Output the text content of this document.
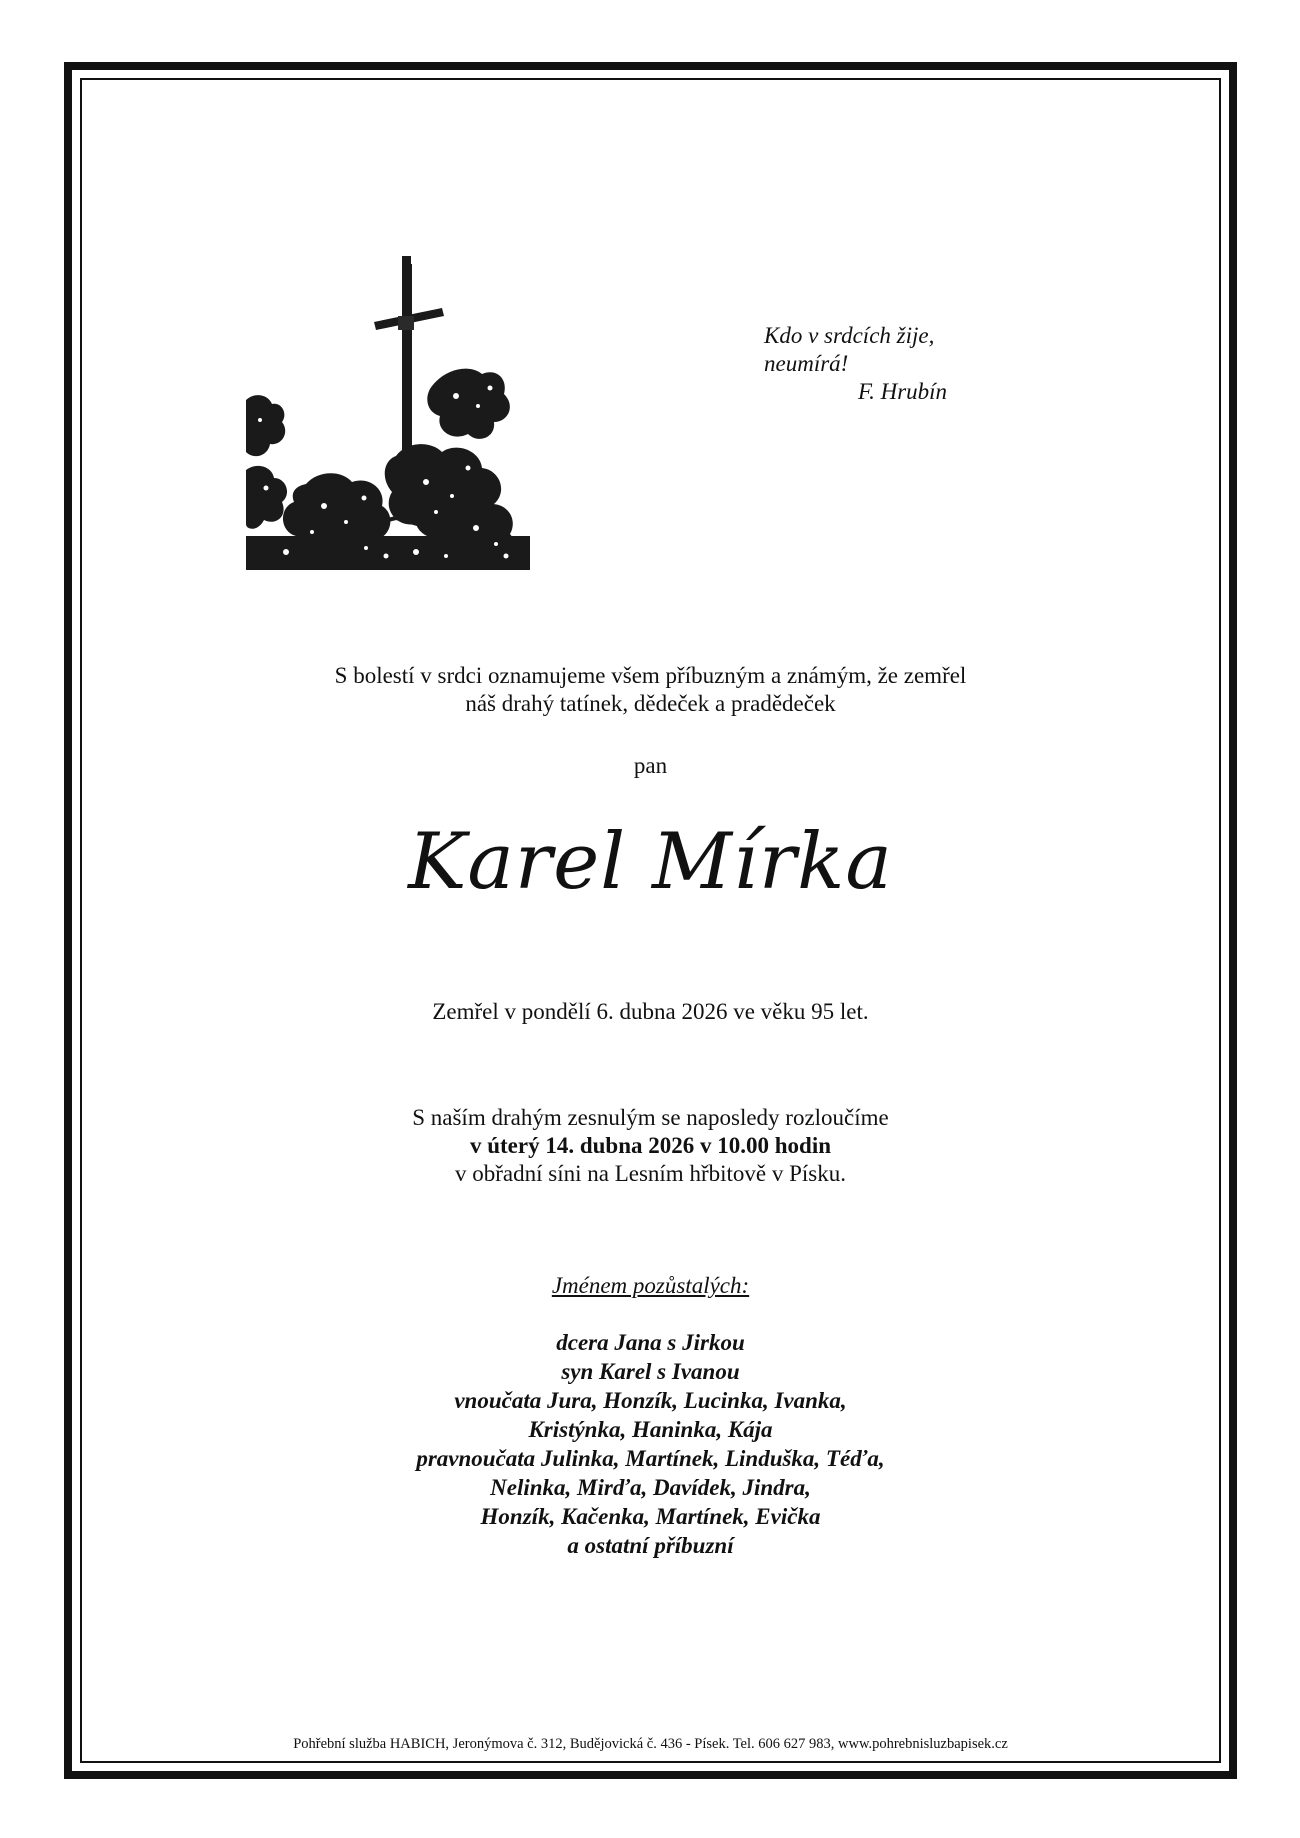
Kdo v srdcích žije,
neumírá!
F. Hrubín
S bolestí v srdci oznamujeme všem příbuzným a známým, že zemřel
náš drahý tatínek, dědeček a pradědeček
pan
Karel Mírka
Zemřel v pondělí 6. dubna 2026 ve věku 95 let.
S naším drahým zesnulým se naposledy rozloučíme
v úterý 14. dubna 2026 v 10.00 hodin
v obřadní síni na Lesním hřbitově v Písku.
Jménem pozůstalých:
dcera Jana s Jirkou
syn Karel s Ivanou
vnoučata Jura, Honzík, Lucinka, Ivanka,
Kristýnka, Haninka, Kája
pravnoučata Julinka, Martínek, Linduška, Téďa,
Nelinka, Mirďa, Davídek, Jindra,
Honzík, Kačenka, Martínek, Evička
a ostatní příbuzní
Pohřební služba HABICH, Jeronýmova č. 312, Budějovická č. 436 - Písek. Tel. 606 627 983, www.pohrebnisluzbapisek.cz
